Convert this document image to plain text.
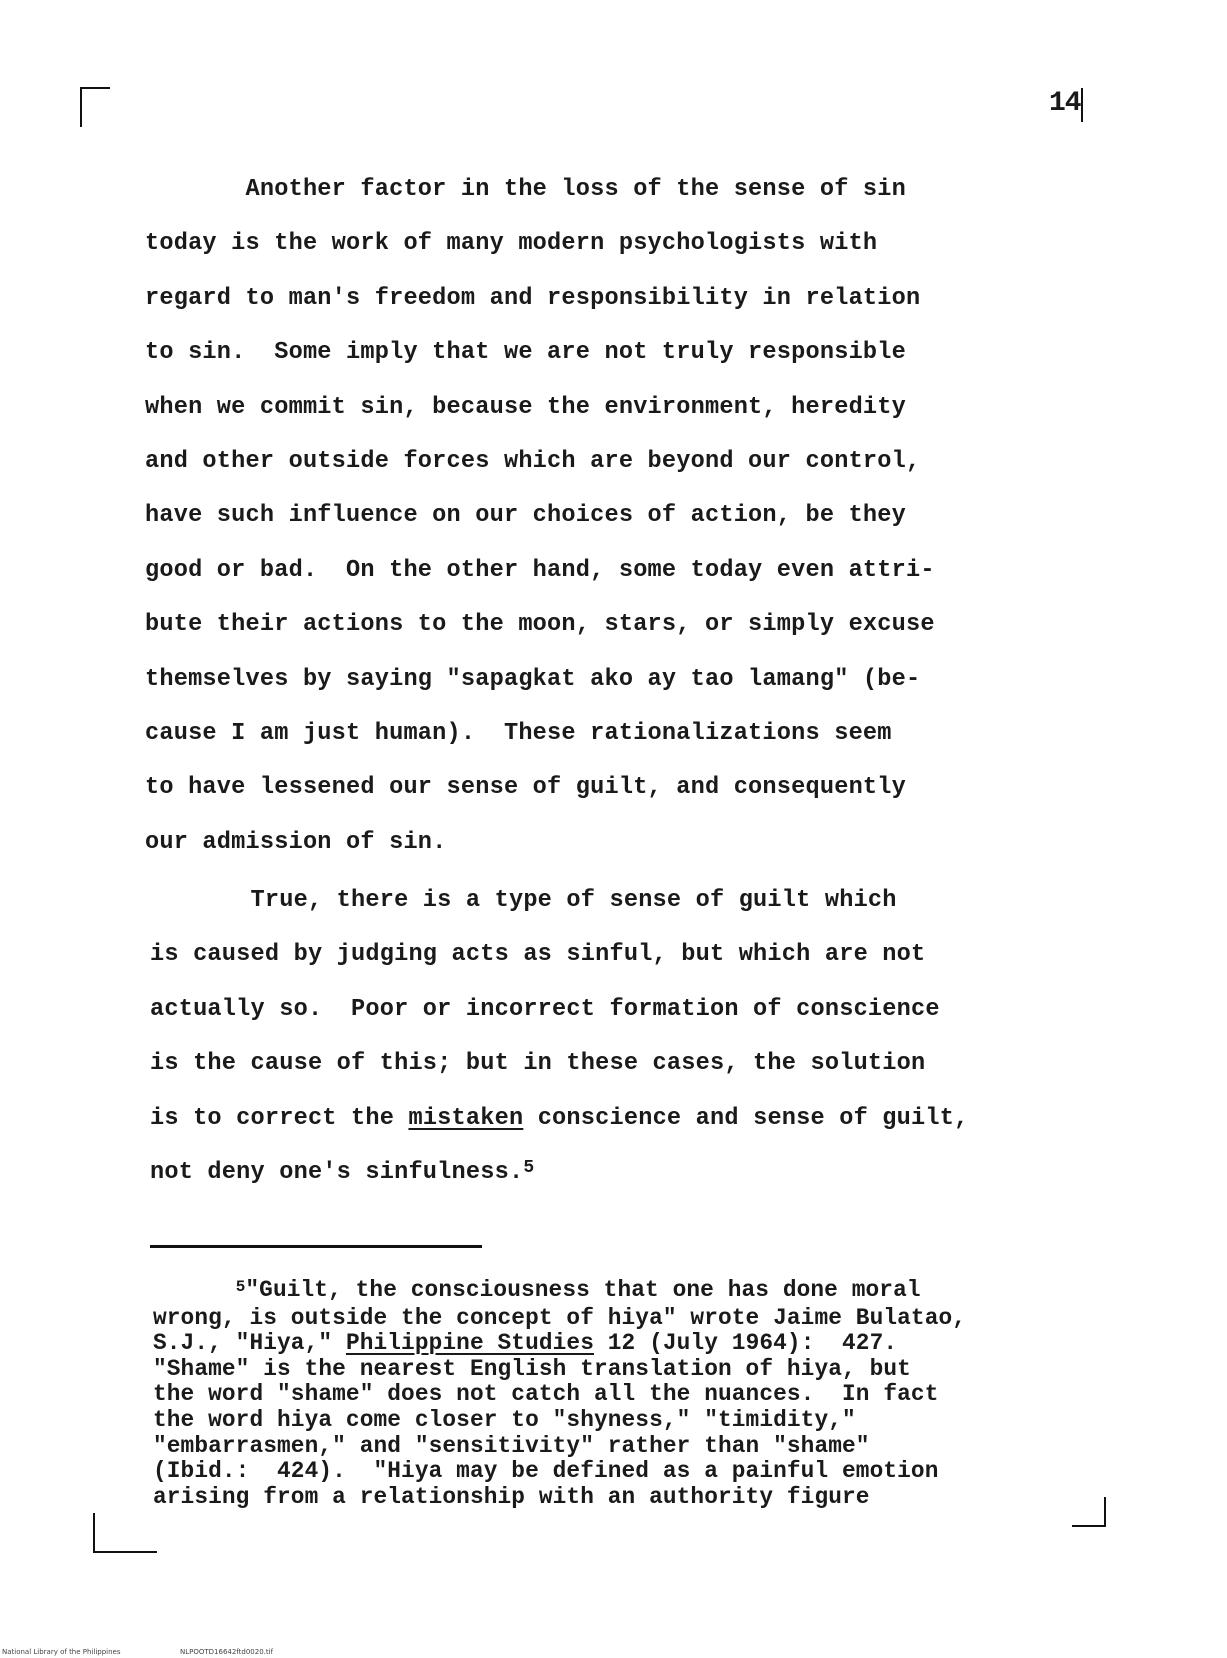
14
Another factor in the loss of the sense of sin
today is the work of many modern psychologists with
regard to man's freedom and responsibility in relation
to sin.  Some imply that we are not truly responsible
when we commit sin, because the environment, heredity
and other outside forces which are beyond our control,
have such influence on our choices of action, be they
good or bad.  On the other hand, some today even attri-
bute their actions to the moon, stars, or simply excuse
themselves by saying "sapagkat ako ay tao lamang" (be-
cause I am just human).  These rationalizations seem
to have lessened our sense of guilt, and consequently
our admission of sin.
True, there is a type of sense of guilt which
is caused by judging acts as sinful, but which are not
actually so.  Poor or incorrect formation of conscience
is the cause of this; but in these cases, the solution
is to correct the mistaken conscience and sense of guilt,
not deny one's sinfulness.$^5$
$^5$"Guilt, the consciousness that one has done moral
wrong, is outside the concept of hiya" wrote Jaime Bulatao,
S.J., "Hiya," Philippine Studies 12 (July 1964):  427.
"Shame" is the nearest English translation of hiya, but
the word "shame" does not catch all the nuances.  In fact
the word hiya come closer to "shyness," "timidity,"
"embarrasmen," and "sensitivity" rather than "shame"
(Ibid.:  424).  "Hiya may be defined as a painful emotion
arising from a relationship with an authority figure
National Library of the Philippines	NLPOOTD16642ftd0020.tif
